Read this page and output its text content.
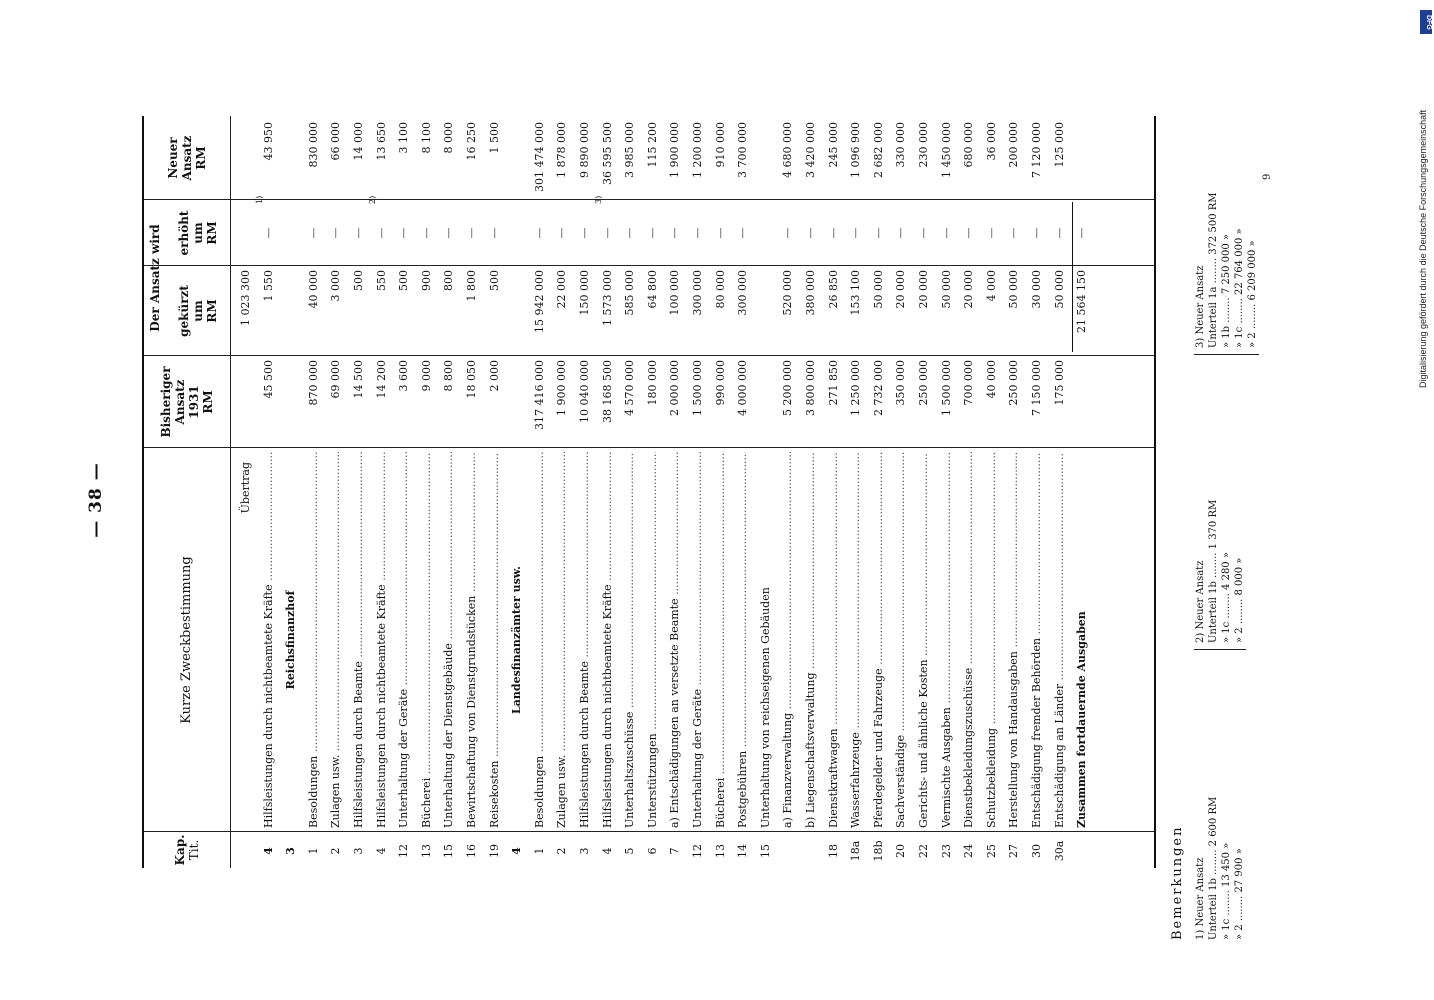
— 38 —
Kap. Tit.
Kurze Zweckbestimmung
Bisheriger Ansatz 1931 RM
Der Ansatz wird gekürzt um RM
erhöht um RM
Neuer Ansatz RM
Übertrag
1 023 300
4
Hilfsleistungen durch nichtbeamtete Kräfte .....
45 500
1 550
—
43 950
1)
3
Reichsfinanzhof
1
Besoldungen .....
870 000
40 000
—
830 000
2
Zulagen usw. .....
69 000
3 000
—
66 000
3
Hilfsleistungen durch Beamte .....
14 500
500
—
14 000
4
Hilfsleistungen durch nichtbeamtete Kräfte .....
14 200
550
—
13 650
2)
12
Unterhaltung der Geräte .....
3 600
500
—
3 100
13
Bücherei .....
9 000
900
—
8 100
15
Unterhaltung der Dienstgebäude .....
8 800
800
—
8 000
16
Bewirtschaftung von Dienstgrundstücken .....
18 050
1 800
—
16 250
19
Reisekosten .....
2 000
500
—
1 500
4
Landesfinanzämter usw.
1
Besoldungen .....
317 416 000
15 942 000
—
301 474 000
2
Zulagen usw. .....
1 900 000
22 000
—
1 878 000
3
Hilfsleistungen durch Beamte .....
10 040 000
150 000
—
9 890 000
4
Hilfsleistungen durch nichtbeamtete Kräfte .....
38 168 500
1 573 000
—
36 595 500
3)
5
Unterhaltszuschüsse .....
4 570 000
585 000
—
3 985 000
6
Unterstützungen .....
180 000
64 800
—
115 200
7
a) Entschädigungen an versetzte Beamte .....
2 000 000
100 000
—
1 900 000
12
Unterhaltung der Geräte .....
1 500 000
300 000
—
1 200 000
13
Bücherei .....
990 000
80 000
—
910 000
14
Postgebühren .....
4 000 000
300 000
—
3 700 000
15
Unterhaltung von reichseigenen Gebäuden a) Finanzverwaltung .....
5 200 000
520 000
—
4 680 000
b) Liegenschaftsverwaltung .....
3 800 000
380 000
—
3 420 000
18
Dienstkraftwagen .....
271 850
26 850
—
245 000
18a
Wasserfahrzeuge .....
1 250 000
153 100
—
1 096 900
18b
Pferdegelder und Fahrzeuge .....
2 732 000
50 000
—
2 682 000
20
Sachverständige .....
350 000
20 000
—
330 000
22
Gerichts- und ähnliche Kosten .....
250 000
20 000
—
230 000
23
Vermischte Ausgaben .....
1 500 000
50 000
—
1 450 000
24
Dienstbekleidungszuschüsse .....
700 000
20 000
—
680 000
25
Schutzbekleidung .....
40 000
4 000
—
36 000
27
Herstellung von Handausgaben .....
250 000
50 000
—
200 000
30
Entschädigung fremder Behörden .....
7 150 000
30 000
—
7 120 000
30a
Entschädigung an Länder .....
175 000
50 000
—
125 000
Zusammen fortdauernde Ausgaben
21 564 150
—
Bemerkungen 1) Neuer Ansatz Unterteil 1b ........ 2 600 RM » 1c ........ 13 450 » » 2 ........ 27 900 »
2) Neuer Ansatz Unterteil 1b ........ 1 370 RM » 1c ........ 4 280 » » 2 ........ 8 000 »
3) Neuer Ansatz Unterteil 1a ........ 372 500 RM » 1b ........ 7 250 000 » » 1c ........ 22 764 000 » » 2 ........ 6 209 000 »
9	Digitalisierung gefördert durch die Deutsche Forschungsgemeinschaft
DFG
